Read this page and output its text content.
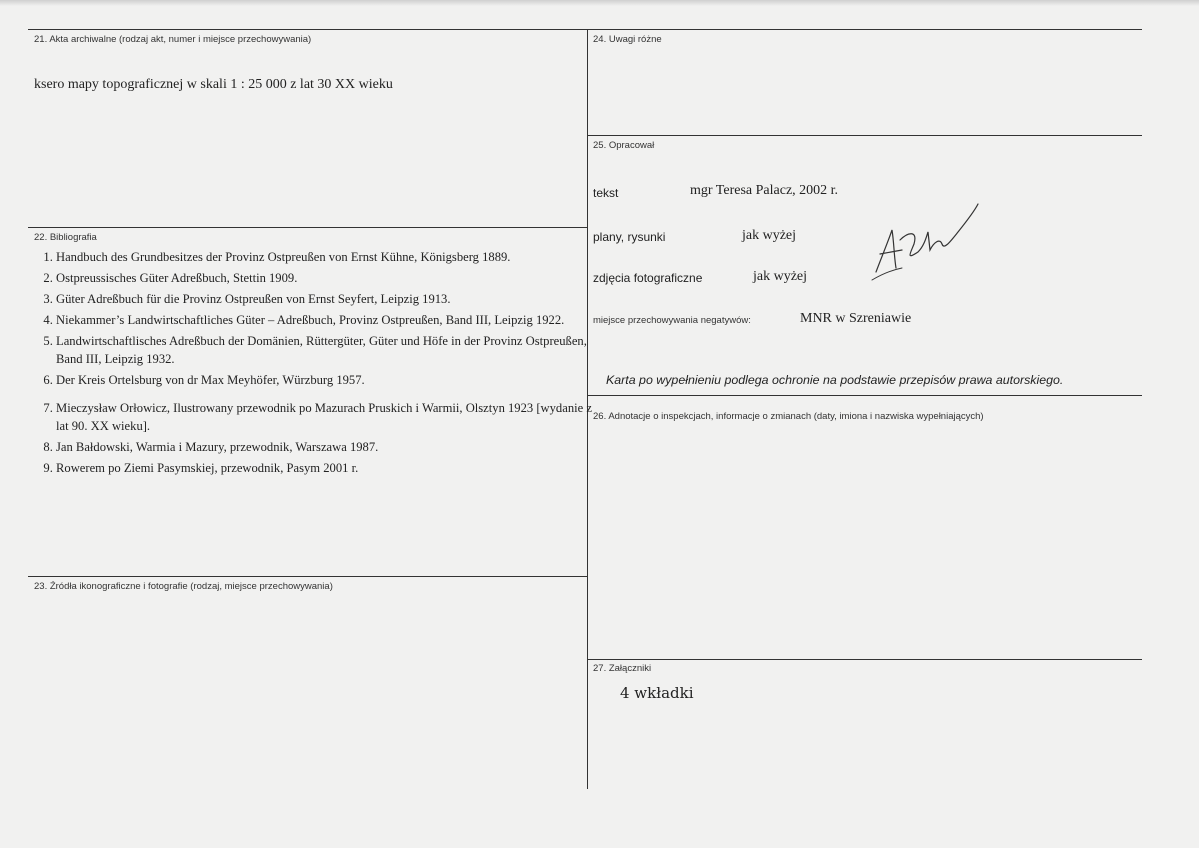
21. Akta archiwalne (rodzaj akt, numer i miejsce przechowywania)
ksero mapy topograficznej w skali 1 : 25 000 z lat 30 XX wieku
22. Bibliografia
1. Handbuch des Grundbesitzes der Provinz Ostpreußen von Ernst Kühne, Königsberg 1889.
2. Ostpreussisches Güter Adreßbuch, Stettin 1909.
3. Güter Adreßbuch für die Provinz Ostpreußen von Ernst Seyfert, Leipzig 1913.
4. Niekammer’s Landwirtschaftliches Güter – Adreßbuch, Provinz Ostpreußen, Band III, Leipzig 1922.
5. Landwirtschaftlisches Adreßbuch der Domänien, Rüttergüter, Güter und Höfe in der Provinz Ostpreußen, Band III, Leipzig 1932.
6. Der Kreis Ortelsburg von dr Max Meyhöfer, Würzburg 1957.
7. Mieczysław Orłowicz, Ilustrowany przewodnik po Mazurach Pruskich i Warmii, Olsztyn 1923 [wydanie z lat 90. XX wieku].
8. Jan Bałdowski, Warmia i Mazury, przewodnik, Warszawa 1987.
9. Rowerem po Ziemi Pasymskiej, przewodnik, Pasym 2001 r.
23. Źródła ikonograficzne i fotografie (rodzaj, miejsce przechowywania)
24. Uwagi różne
25. Opracował
tekst	mgr Teresa Palacz, 2002 r.
plany, rysunki	jak wyżej
zdjęcia fotograficzne	jak wyżej
miejsce przechowywania negatywów:	MNR w Szreniawie
Karta po wypełnieniu podlega ochronie na podstawie przepisów prawa autorskiego.
26. Adnotacje o inspekcjach, informacje o zmianach (daty, imiona i nazwiska wypełniających)
27. Załączniki
4 wkładki
